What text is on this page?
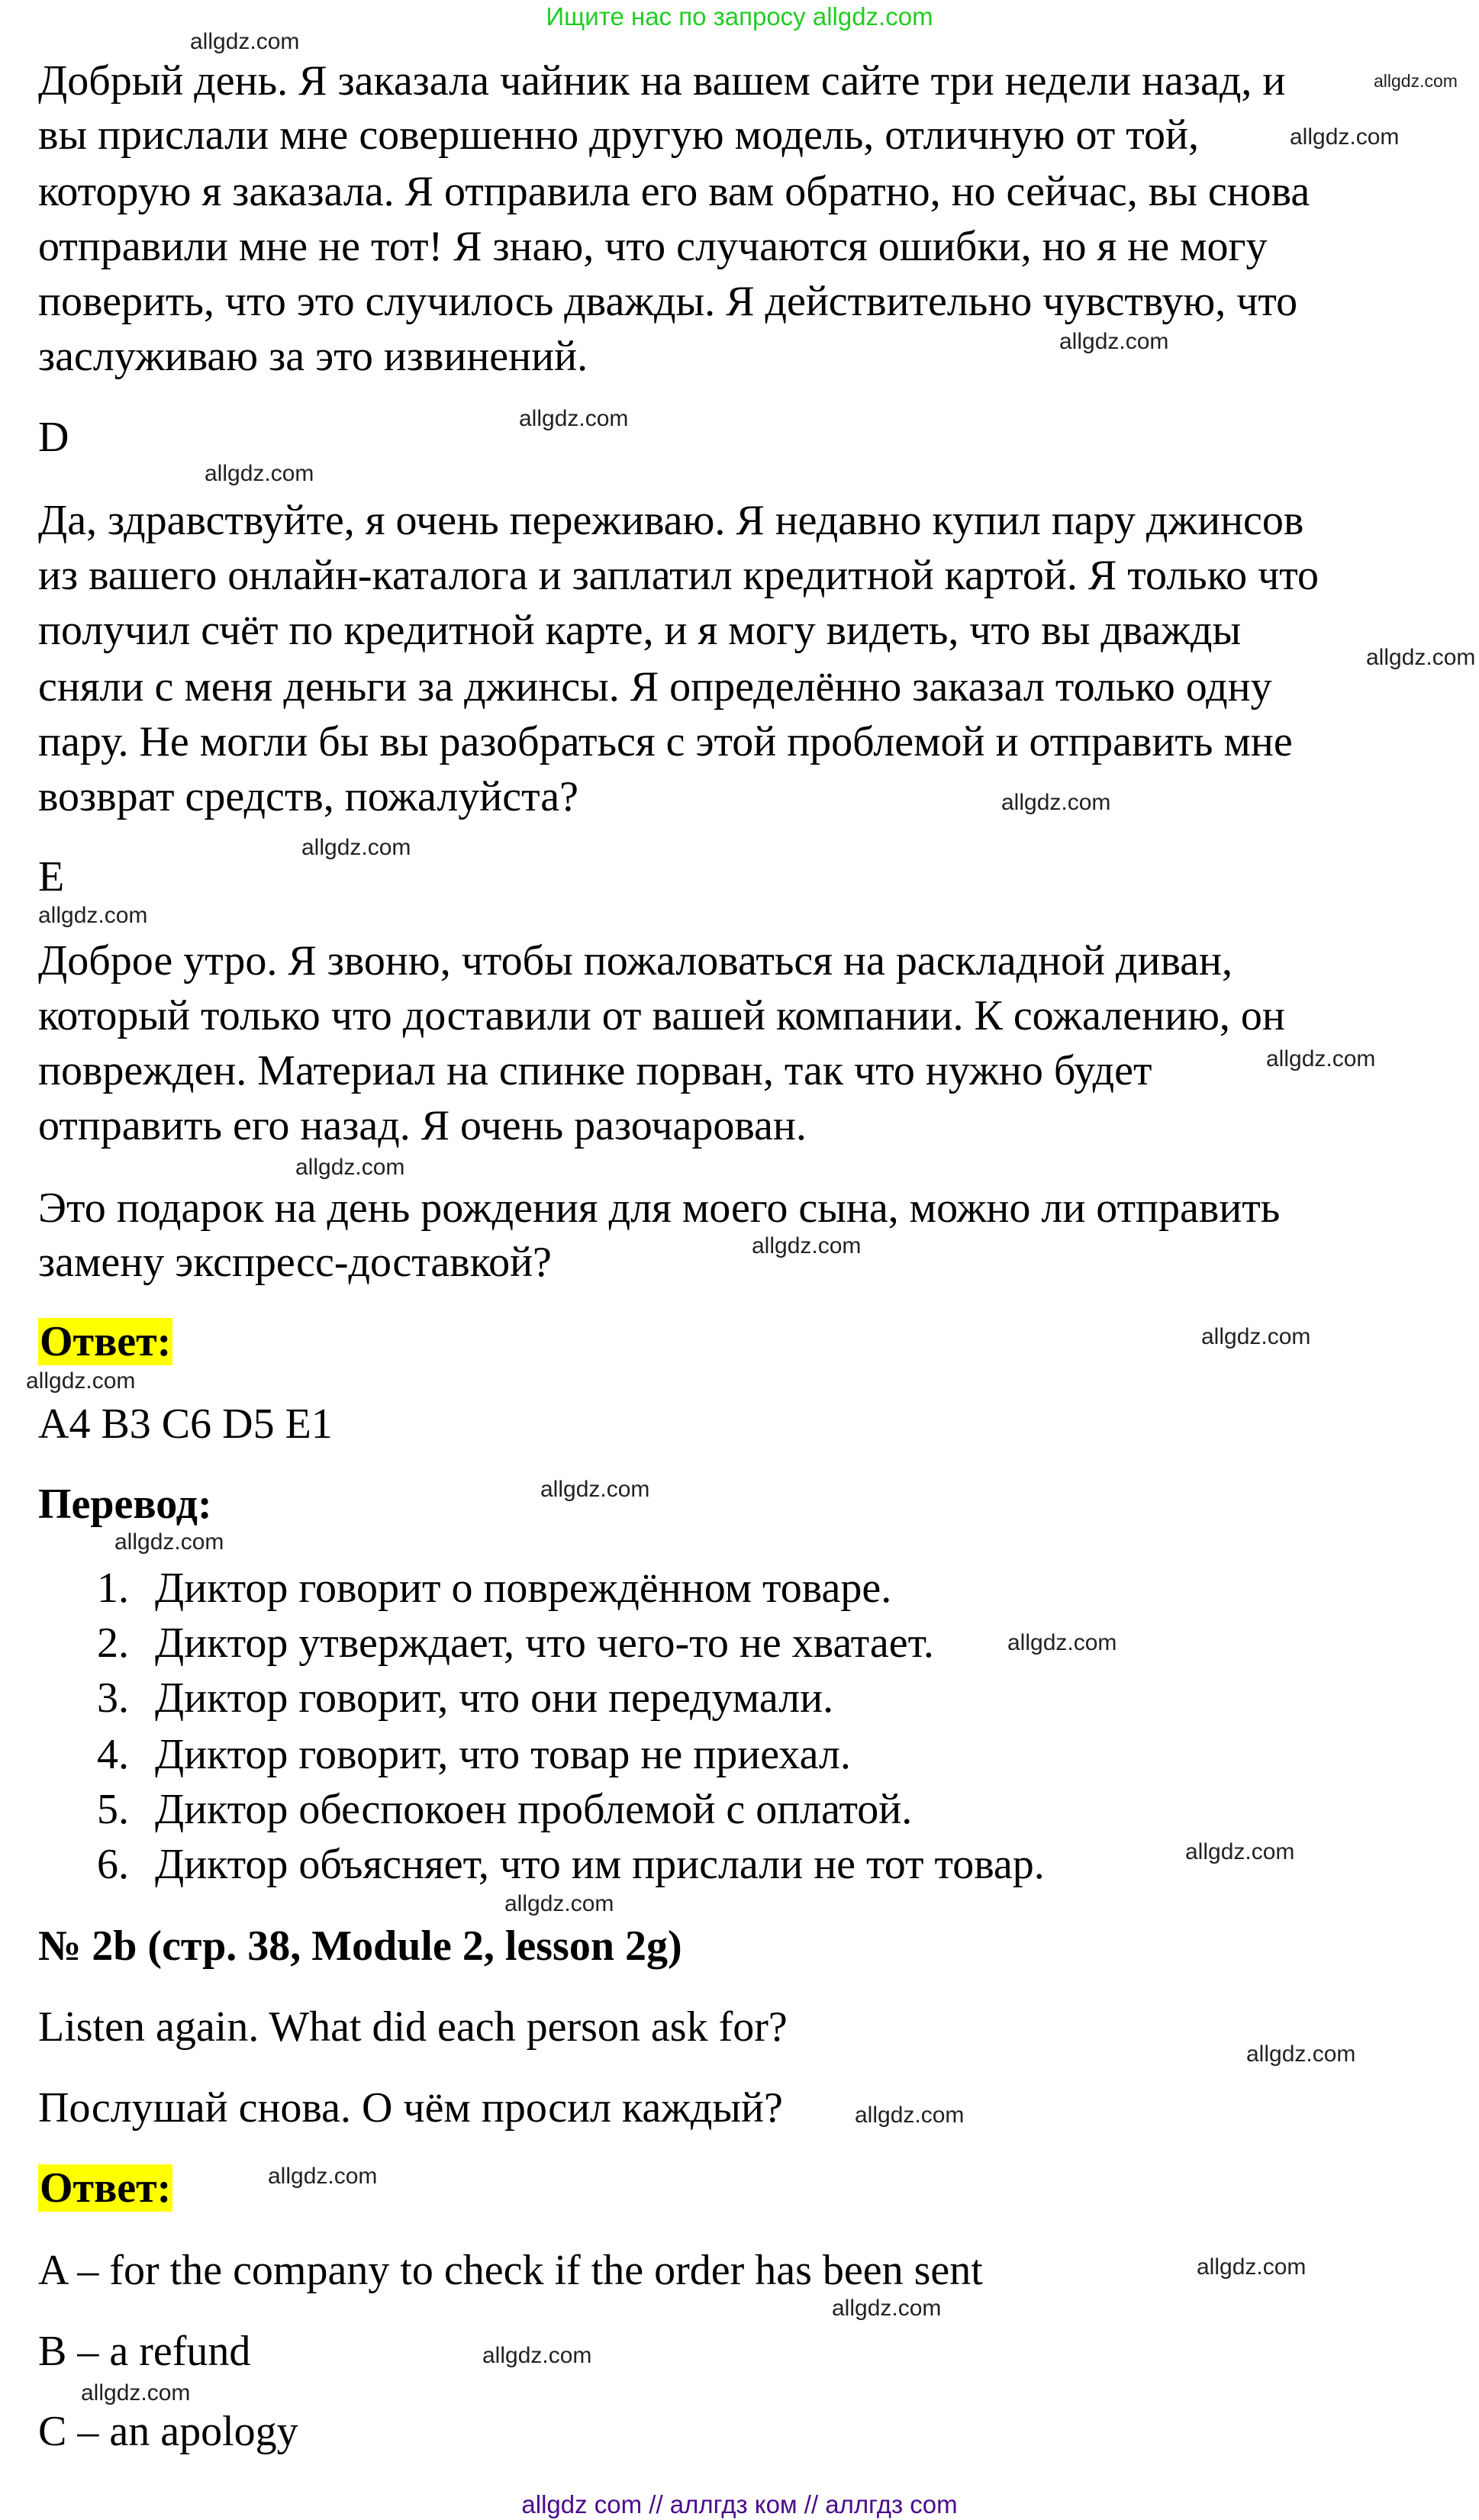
Ищите нас по запросу allgdz.com
Добрый день. Я заказала чайник на вашем сайте три недели назад, и
вы прислали мне совершенно другую модель, отличную от той,
которую я заказала. Я отправила его вам обратно, но сейчас, вы снова
отправили мне не тот! Я знаю, что случаются ошибки, но я не могу
поверить, что это случилось дважды. Я действительно чувствую, что
заслуживаю за это извинений.
D
Да, здравствуйте, я очень переживаю. Я недавно купил пару джинсов
из вашего онлайн-каталога и заплатил кредитной картой. Я только что
получил счёт по кредитной карте, и я могу видеть, что вы дважды
сняли с меня деньги за джинсы. Я определённо заказал только одну
пару. Не могли бы вы разобраться с этой проблемой и отправить мне
возврат средств, пожалуйста?
E
Доброе утро. Я звоню, чтобы пожаловаться на раскладной диван,
который только что доставили от вашей компании. К сожалению, он
поврежден. Материал на спинке порван, так что нужно будет
отправить его назад. Я очень разочарован.
Это подарок на день рождения для моего сына, можно ли отправить
замену экспресс-доставкой?
Ответ:
A4 B3 C6 D5 E1
Перевод:
1. Диктор говорит о повреждённом товаре.
2. Диктор утверждает, что чего-то не хватает.
3. Диктор говорит, что они передумали.
4. Диктор говорит, что товар не приехал.
5. Диктор обеспокоен проблемой с оплатой.
6. Диктор объясняет, что им прислали не тот товар.
№ 2b (стр. 38, Module 2, lesson 2g)
Listen again. What did each person ask for?
Послушай снова. О чём просил каждый?
Ответ:
A – for the company to check if the order has been sent
B – a refund
C – an apology
allgdz.com
allgdz.com
allgdz.com
allgdz.com
allgdz.com
allgdz.com
allgdz.com
allgdz.com
allgdz.com
allgdz.com
allgdz.com
allgdz.com
allgdz.com
allgdz.com
allgdz.com
allgdz.com
allgdz.com
allgdz.com
allgdz.com
allgdz.com
allgdz.com
allgdz.com
allgdz.com
allgdz.com
allgdz.com
allgdz.com
allgdz.com
allgdz com // аллгдз ком // аллгдз com
